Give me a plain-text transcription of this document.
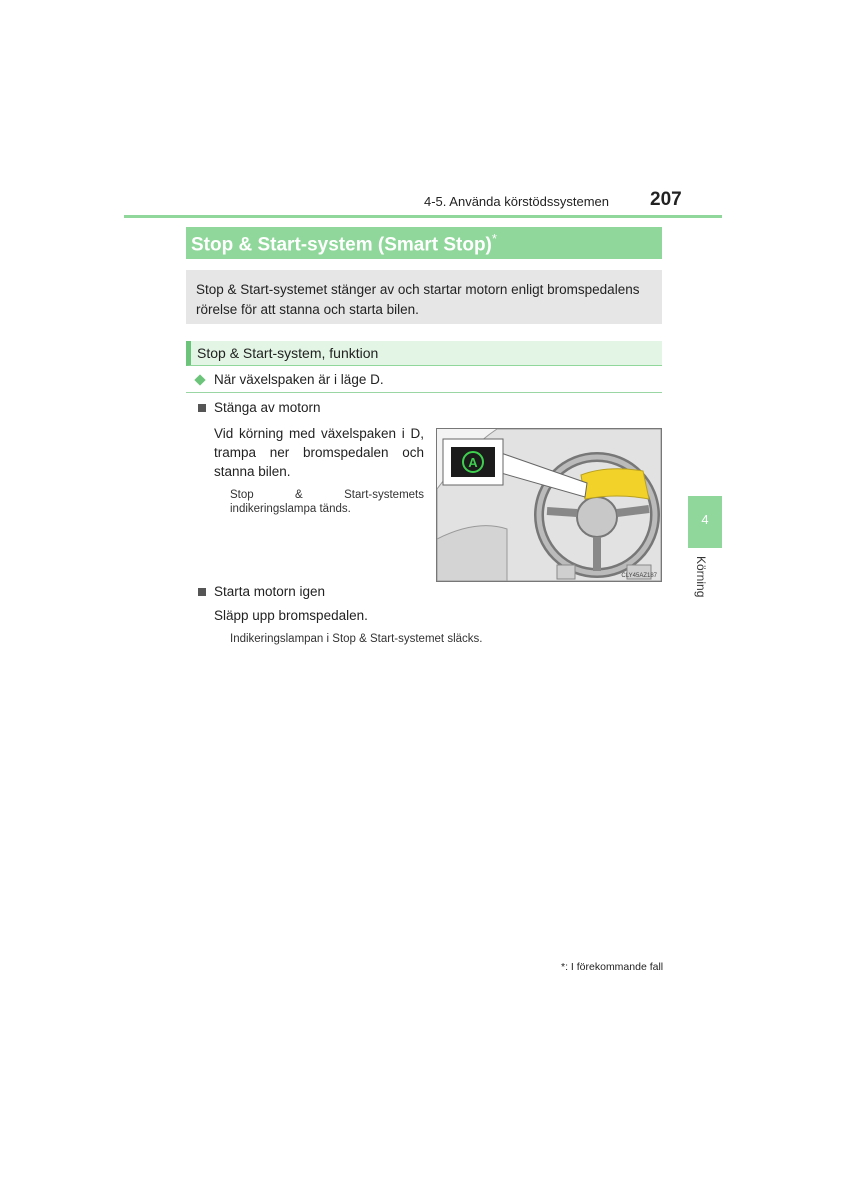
4-5. Använda körstödssystemen 207
Stop & Start-system (Smart Stop)*
Stop & Start-systemet stänger av och startar motorn enligt bromspedalens rörelse för att stanna och starta bilen.
Stop & Start-system, funktion
När växelspaken är i läge D.
Stänga av motorn
Vid körning med växelspaken i D, trampa ner bromspedalen och stanna bilen.
Stop & Start-systemets indikeringslampa tänds.
A
CLY45AZ187
Starta motorn igen
Släpp upp bromspedalen.
Indikeringslampan i Stop & Start-systemet släcks.
4
Körning
*: I förekommande fall
